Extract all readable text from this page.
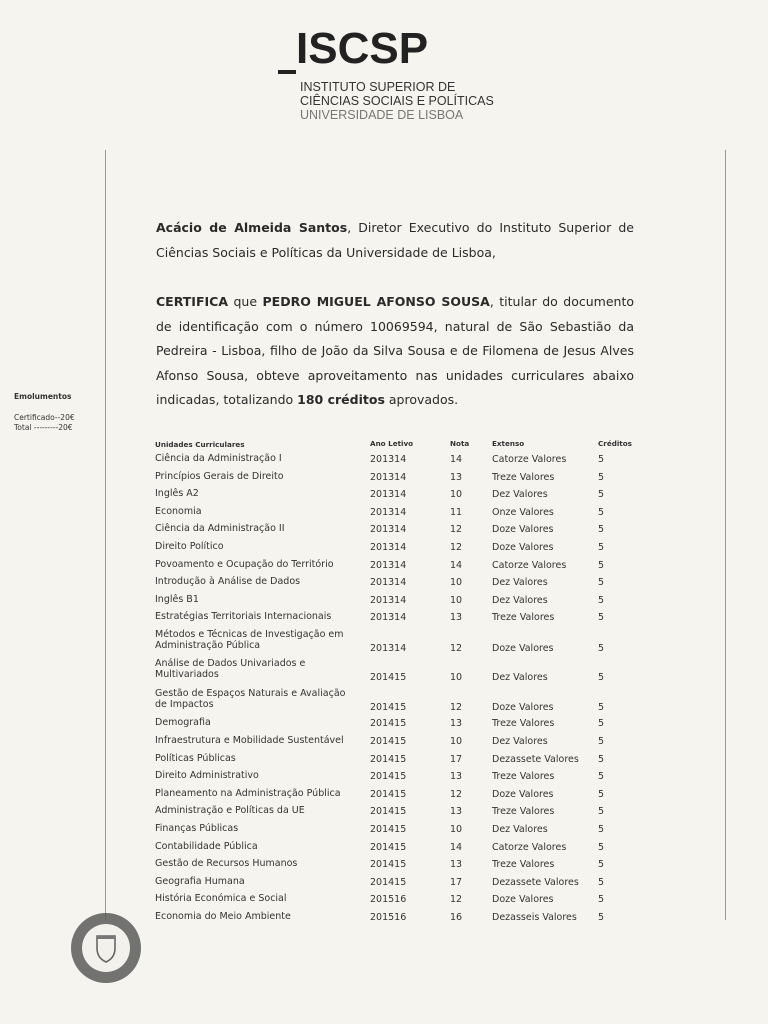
ISCSP
INSTITUTO SUPERIOR DE
CIÊNCIAS SOCIAIS E POLÍTICAS
UNIVERSIDADE DE LISBOA
Emolumentos
Certificado--20€
Total ---------20€
Acácio de Almeida Santos, Diretor Executivo do Instituto Superior de Ciências Sociais e Políticas da Universidade de Lisboa,
CERTIFICA que PEDRO MIGUEL AFONSO SOUSA, titular do documento de identificação com o número 10069594, natural de São Sebastião da Pedreira - Lisboa, filho de João da Silva Sousa e de Filomena de Jesus Alves Afonso Sousa, obteve aproveitamento nas unidades curriculares abaixo indicadas, totalizando 180 créditos aprovados.
Unidades Curriculares	Ano Letivo	Nota	Extenso	Créditos
Ciência da Administração I	201314	14	Catorze Valores	5
Princípios Gerais de Direito	201314	13	Treze Valores	5
Inglês A2	201314	10	Dez Valores	5
Economia	201314	11	Onze Valores	5
Ciência da Administração II	201314	12	Doze Valores	5
Direito Político	201314	12	Doze Valores	5
Povoamento e Ocupação do Território	201314	14	Catorze Valores	5
Introdução à Análise de Dados	201314	10	Dez Valores	5
Inglês B1	201314	10	Dez Valores	5
Estratégias Territoriais Internacionais	201314	13	Treze Valores	5
Métodos e Técnicas de Investigação em Administração Pública	201314	12	Doze Valores	5
Análise de Dados Univariados e Multivariados	201415	10	Dez Valores	5
Gestão de Espaços Naturais e Avaliação de Impactos	201415	12	Doze Valores	5
Demografia	201415	13	Treze Valores	5
Infraestrutura e Mobilidade Sustentável	201415	10	Dez Valores	5
Políticas Públicas	201415	17	Dezassete Valores 5
Direito Administrativo	201415	13	Treze Valores	5
Planeamento na Administração Pública	201415	12	Doze Valores	5
Administração e Políticas da UE	201415	13	Treze Valores	5
Finanças Públicas	201415	10	Dez Valores	5
Contabilidade Pública	201415	14	Catorze Valores	5
Gestão de Recursos Humanos	201415	13	Treze Valores	5
Geografia Humana	201415	17	Dezassete Valores 5
História Económica e Social	201516	12	Doze Valores	5
Economia do Meio Ambiente	201516	16	Dezasseis Valores 5
